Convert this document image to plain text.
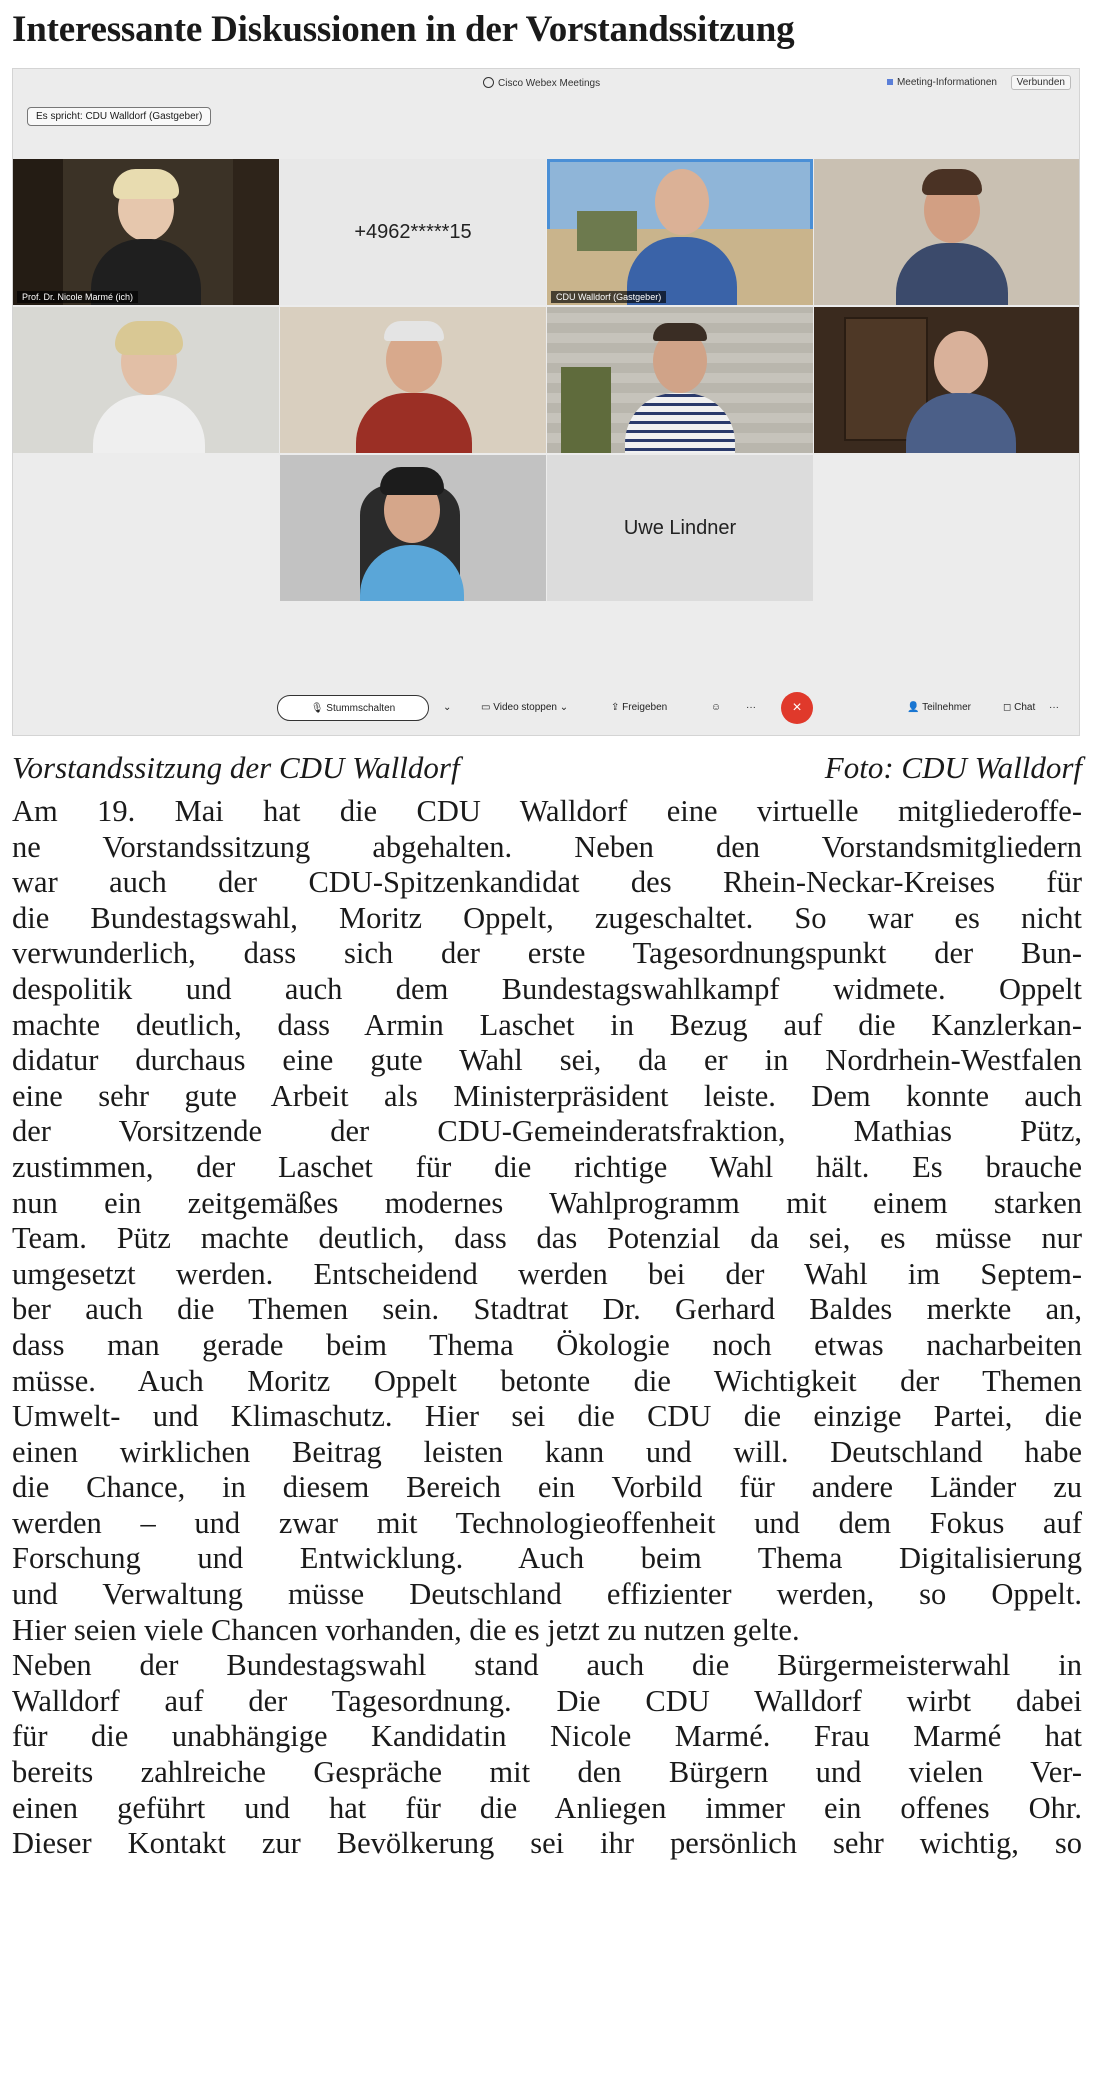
Interessante Diskussionen in der Vorstandssitzung
Cisco Webex Meetings	Meeting-Informationen	Verbunden
Es spricht: CDU Walldorf (Gastgeber)
Prof. Dr. Nicole Marmé (ich)
+4962*****15
CDU Walldorf (Gastgeber)
Uwe Lindner
🎙 Stummschalten	⌄	▭ Video stoppen ⌄	⇪ Freigeben	☺	···	×	👤 Teilnehmer	◻ Chat	···
Vorstandssitzung der CDU Walldorf	Foto: CDU Walldorf
Am 19. Mai hat die CDU Walldorf eine virtuelle mitgliederoffe-
ne Vorstandssitzung abgehalten. Neben den Vorstandsmitgliedern
war auch der CDU-Spitzenkandidat des Rhein-Neckar-Kreises für
die Bundestagswahl, Moritz Oppelt, zugeschaltet. So war es nicht
verwunderlich, dass sich der erste Tagesordnungspunkt der Bun-
despolitik und auch dem Bundestagswahlkampf widmete. Oppelt
machte deutlich, dass Armin Laschet in Bezug auf die Kanzlerkan-
didatur durchaus eine gute Wahl sei, da er in Nordrhein-Westfalen
eine sehr gute Arbeit als Ministerpräsident leiste. Dem konnte auch
der Vorsitzende der CDU-Gemeinderatsfraktion, Mathias Pütz,
zustimmen, der Laschet für die richtige Wahl hält. Es brauche
nun ein zeitgemäßes modernes Wahlprogramm mit einem starken
Team. Pütz machte deutlich, dass das Potenzial da sei, es müsse nur
umgesetzt werden. Entscheidend werden bei der Wahl im Septem-
ber auch die Themen sein. Stadtrat Dr. Gerhard Baldes merkte an,
dass man gerade beim Thema Ökologie noch etwas nacharbeiten
müsse. Auch Moritz Oppelt betonte die Wichtigkeit der Themen
Umwelt- und Klimaschutz. Hier sei die CDU die einzige Partei, die
einen wirklichen Beitrag leisten kann und will. Deutschland habe
die Chance, in diesem Bereich ein Vorbild für andere Länder zu
werden – und zwar mit Technologieoffenheit und dem Fokus auf
Forschung und Entwicklung. Auch beim Thema Digitalisierung
und Verwaltung müsse Deutschland effizienter werden, so Oppelt.
Hier seien viele Chancen vorhanden, die es jetzt zu nutzen gelte.
Neben der Bundestagswahl stand auch die Bürgermeisterwahl in
Walldorf auf der Tagesordnung. Die CDU Walldorf wirbt dabei
für die unabhängige Kandidatin Nicole Marmé. Frau Marmé hat
bereits zahlreiche Gespräche mit den Bürgern und vielen Ver-
einen geführt und hat für die Anliegen immer ein offenes Ohr.
Dieser Kontakt zur Bevölkerung sei ihr persönlich sehr wichtig, so
